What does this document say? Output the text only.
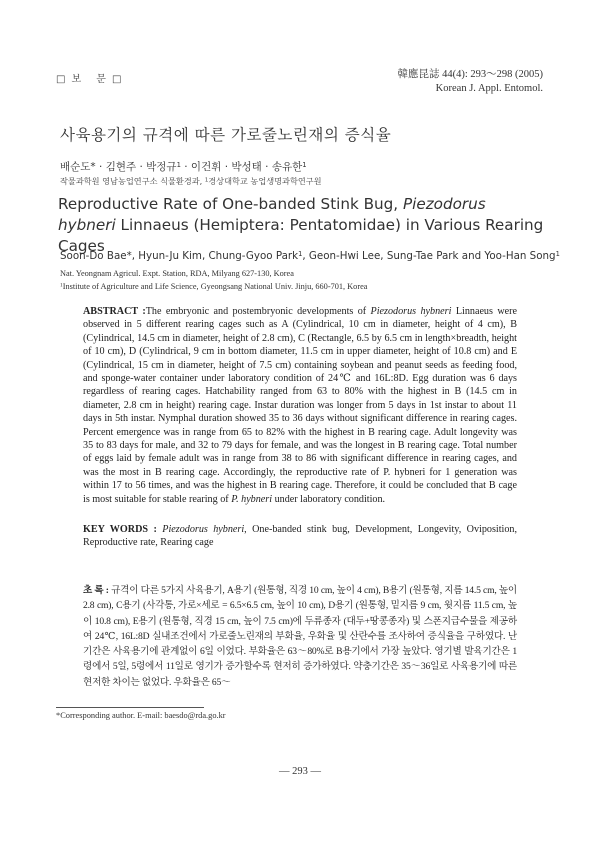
□보 문□	韓應昆誌 44(4): 293～298 (2005)
Korean J. Appl. Entomol.
사육용기의 규격에 따른 가로줄노린재의 증식율
배순도* · 김현주 · 박정규$^1$ · 이건휘 · 박성태 · 송유한$^1$
작물과학원 영남농업연구소 식물환경과, $^1$경상대학교 농업생명과학연구원
Reproductive Rate of One-banded Stink Bug, Piezodorus hybneri Linnaeus (Hemiptera: Pentatomidae) in Various Rearing Cages
Soon-Do Bae*, Hyun-Ju Kim, Chung-Gyoo Park$^1$, Geon-Hwi Lee, Sung-Tae Park and Yoo-Han Song$^1$
Nat. Yeongnam Agricul. Expt. Station, RDA, Milyang 627-130, Korea
$^1$Institute of Agriculture and Life Science, Gyeongsang National Univ. Jinju, 660-701, Korea
ABSTRACT :The embryonic and postembryonic developments of Piezodorus hybneri Linnaeus were observed in 5 different rearing cages such as A (Cylindrical, 10 cm in diameter, height of 4 cm), B (Cylindrical, 14.5 cm in diameter, height of 2.8 cm), C (Rectangle, 6.5 by 6.5 cm in length×breadth, height of 10 cm), D (Cylindrical, 9 cm in bottom diameter, 11.5 cm in upper diameter, height of 10.8 cm) and E (Cylindrical, 15 cm in diameter, height of 7.5 cm) containing soybean and peanut seeds as feeding food, and sponge-water container under laboratory condition of 24℃ and 16L:8D. Egg duration was 6 days regardless of rearing cages. Hatchability ranged from 63 to 80% with the highest in B (14.5 cm in diameter, 2.8 cm in height) rearing cage. Instar duration was longer from 5 days in 1st instar to about 11 days in 5th instar. Nymphal duration showed 35 to 36 days without significant difference in rearing cages. Percent emergence was in range from 65 to 82% with the highest in B rearing cage. Adult longevity was 35 to 83 days for male, and 32 to 79 days for female, and was the longest in B rearing cage. Total number of eggs laid by female adult was in range from 38 to 86 with significant difference in rearing cages, and was the most in B rearing cage. Accordingly, the reproductive rate of P. hybneri for 1 generation was within 17 to 56 times, and was the highest in B rearing cage. Therefore, it could be concluded that B cage is most suitable for stable rearing of P. hybneri under laboratory condition.
KEY WORDS : Piezodorus hybneri, One-banded stink bug, Development, Longevity, Oviposition, Reproductive rate, Rearing cage
초 록 : 규격이 다른 5가지 사육용기, A용기 (원통형, 직경 10 cm, 높이 4 cm), B용기 (원통형, 지름 14.5 cm, 높이 2.8 cm), C용기 (사각통, 가로×세로 = 6.5×6.5 cm, 높이 10 cm), D용기 (원통형, 밑지름 9 cm, 윗지름 11.5 cm, 높이 10.8 cm), E용기 (원통형, 직경 15 cm, 높이 7.5 cm)에 두류종자 (대두+땅콩종자) 및 스폰지급수물을 제공하여 24℃, 16L:8D 실내조건에서 가로줄노린재의 부화율, 우화율 및 산란수를 조사하여 증식율을 구하였다. 난기간은 사육용기에 관계없이 6일 이었다. 부화율은 63～80%로 B용기에서 가장 높았다. 영기별 발육기간은 1령에서 5일, 5령에서 11일로 영기가 증가할수록 현저히 증가하였다. 약충기간은 35～36일로 사육용기에 따른 현저한 차이는 없었다. 우화율은 65～
*Corresponding author. E-mail: baesdo@rda.go.kr
— 293 —
